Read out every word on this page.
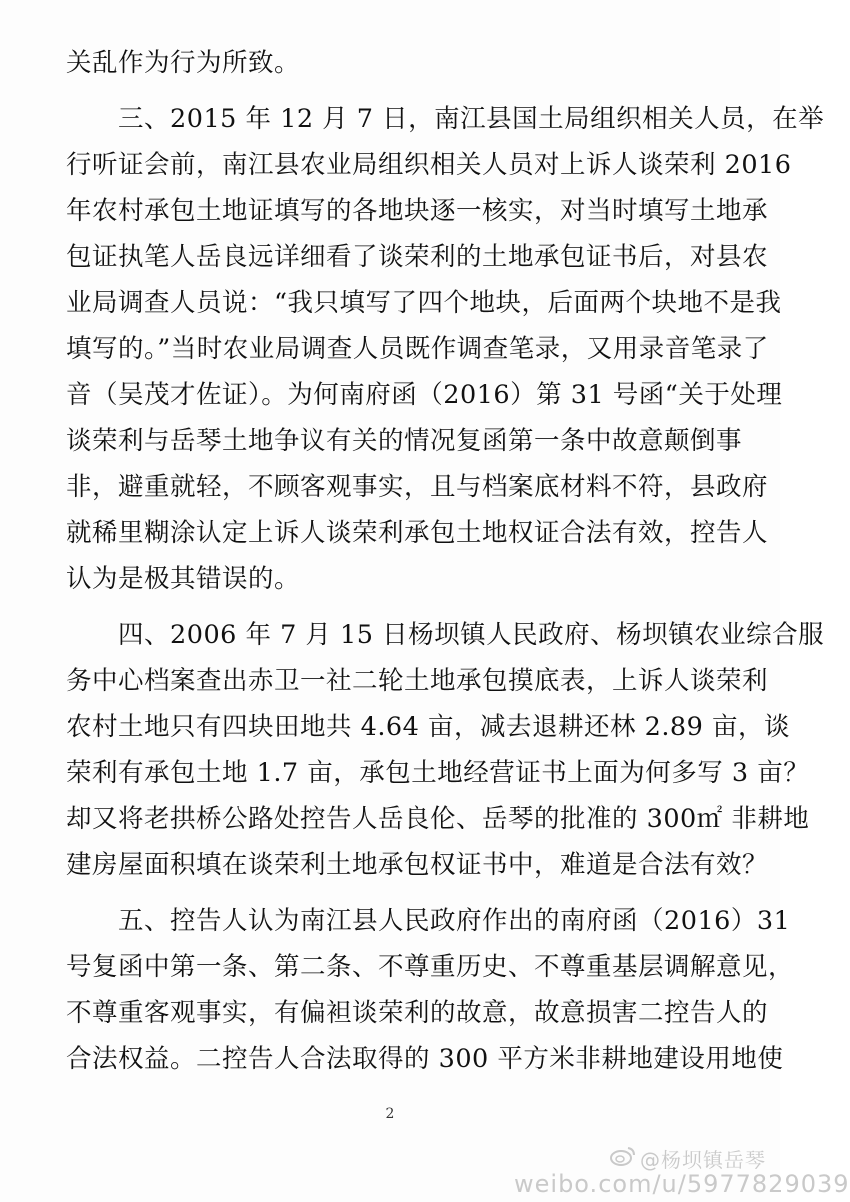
关乱作为行为所致。
　　三、2015 年 12 月 7 日，南江县国土局组织相关人员，在举
行听证会前，南江县农业局组织相关人员对上诉人谈荣利 2016
年农村承包土地证填写的各地块逐一核实，对当时填写土地承
包证执笔人岳良远详细看了谈荣利的土地承包证书后，对县农
业局调查人员说：“我只填写了四个地块，后面两个块地不是我
填写的。”当时农业局调查人员既作调查笔录，又用录音笔录了
音（吴茂才佐证）。为何南府函（2016）第 31 号函“关于处理
谈荣利与岳琴土地争议有关的情况复函第一条中故意颠倒事
非，避重就轻，不顾客观事实，且与档案底材料不符，县政府
就稀里糊涂认定上诉人谈荣利承包土地权证合法有效，控告人
认为是极其错误的。
　　四、2006 年 7 月 15 日杨坝镇人民政府、杨坝镇农业综合服
务中心档案查出赤卫一社二轮土地承包摸底表，上诉人谈荣利
农村土地只有四块田地共 4.64 亩，减去退耕还林 2.89 亩，谈
荣利有承包土地 1.7 亩，承包土地经营证书上面为何多写 3 亩？
却又将老拱桥公路处控告人岳良伦、岳琴的批准的 300㎡ 非耕地
建房屋面积填在谈荣利土地承包权证书中，难道是合法有效？
　　五、控告人认为南江县人民政府作出的南府函（2016）31
号复函中第一条、第二条、不尊重历史、不尊重基层调解意见，
不尊重客观事实，有偏袒谈荣利的故意，故意损害二控告人的
合法权益。二控告人合法取得的 300 平方米非耕地建设用地使
2
@杨坝镇岳琴
weibo.com/u/5977829039
